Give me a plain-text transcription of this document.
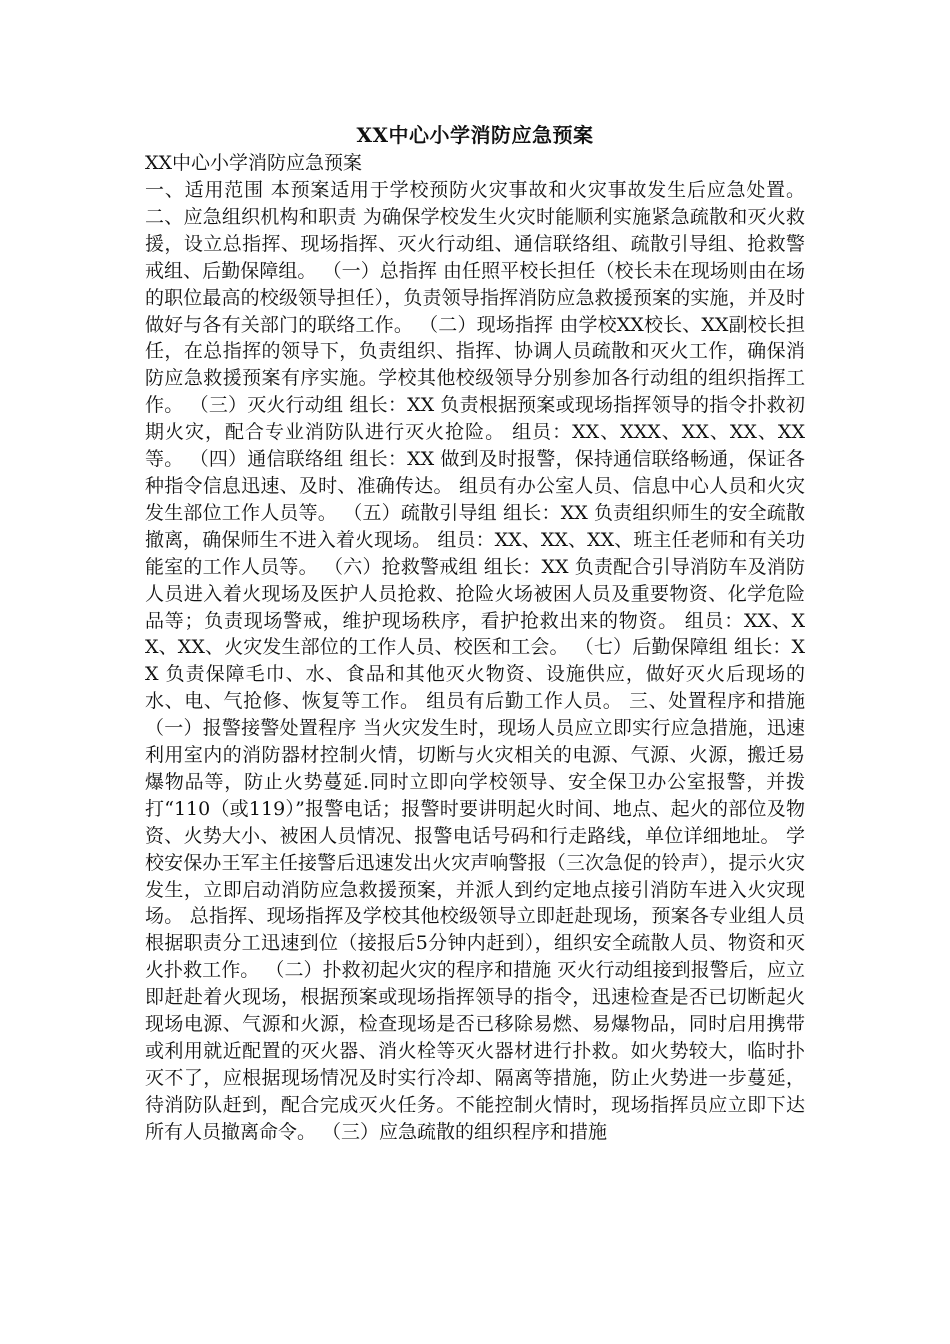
XX中心小学消防应急预案
XX中心小学消防应急预案

一、适用范围 本预案适用于学校预防火灾事故和火灾事故发生后应急处置。 二、应急组织机构和职责 为确保学校发生火灾时能顺利实施紧急疏散和灭火救援，设立总指挥、现场指挥、灭火行动组、通信联络组、疏散引导组、抢救警戒组、后勤保障组。 （一）总指挥 由任照平校长担任（校长未在现场则由在场的职位最高的校级领导担任），负责领导指挥消防应急救援预案的实施，并及时做好与各有关部门的联络工作。 （二）现场指挥 由学校XX校长、XX副校长担任，在总指挥的领导下，负责组织、指挥、协调人员疏散和灭火工作，确保消防应急救援预案有序实施。学校其他校级领导分别参加各行动组的组织指挥工作。 （三）灭火行动组 组长：XX 负责根据预案或现场指挥领导的指令扑救初期火灾，配合专业消防队进行灭火抢险。 组员：XX、XXX、XX、XX、XX等。 （四）通信联络组 组长：XX 做到及时报警，保持通信联络畅通，保证各种指令信息迅速、及时、准确传达。 组员有办公室人员、信息中心人员和火灾发生部位工作人员等。 （五）疏散引导组 组长：XX 负责组织师生的安全疏散撤离，确保师生不进入着火现场。 组员：XX、XX、XX、班主任老师和有关功能室的工作人员等。 （六）抢救警戒组 组长：XX 负责配合引导消防车及消防人员进入着火现场及医护人员抢救、抢险火场被困人员及重要物资、化学危险品等；负责现场警戒，维护现场秩序，看护抢救出来的物资。 组员：XX、XX、XX、火灾发生部位的工作人员、校医和工会。 （七）后勤保障组 组长：XX 负责保障毛巾、水、食品和其他灭火物资、设施供应，做好灭火后现场的水、电、气抢修、恢复等工作。 组员有后勤工作人员。 三、处置程序和措施 （一）报警接警处置程序 当火灾发生时，现场人员应立即实行应急措施，迅速利用室内的消防器材控制火情，切断与火灾相关的电源、气源、火源，搬迁易爆物品等，防止火势蔓延.同时立即向学校领导、安全保卫办公室报警，并拨打“110（或119）”报警电话；报警时要讲明起火时间、地点、起火的部位及物资、火势大小、被困人员情况、报警电话号码和行走路线，单位详细地址。 学校安保办王军主任接警后迅速发出火灾声响警报（三次急促的铃声），提示火灾发生，立即启动消防应急救援预案，并派人到约定地点接引消防车进入火灾现场。 总指挥、现场指挥及学校其他校级领导立即赶赴现场，预案各专业组人员根据职责分工迅速到位（接报后5分钟内赶到），组织安全疏散人员、物资和灭火扑救工作。 （二）扑救初起火灾的程序和措施 灭火行动组接到报警后，应立即赶赴着火现场，根据预案或现场指挥领导的指令，迅速检查是否已切断起火现场电源、气源和火源，检查现场是否已移除易燃、易爆物品，同时启用携带或利用就近配置的灭火器、消火栓等灭火器材进行扑救。如火势较大，临时扑灭不了，应根据现场情况及时实行冷却、隔离等措施，防止火势进一步蔓延，待消防队赶到，配合完成灭火任务。不能控制火情时，现场指挥员应立即下达所有人员撤离命令。 （三）应急疏散的组织程序和措施
